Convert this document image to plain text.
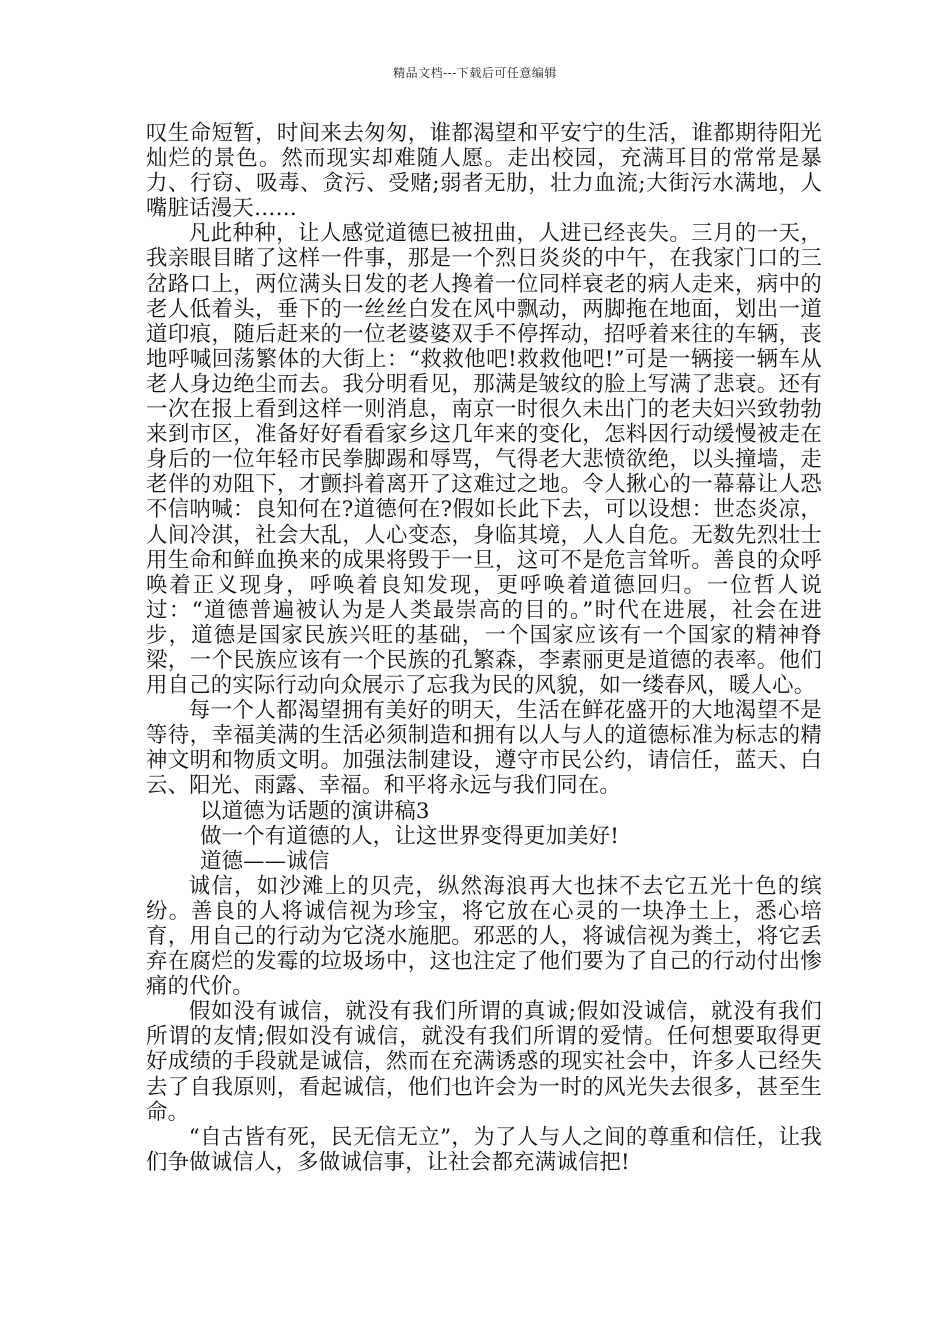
精品文档---下载后可任意编辑

叹生命短暂，时间来去匆匆，谁都渴望和平安宁的生活，谁都期待阳光灿烂的景色。然而现实却难随人愿。走出校园，充满耳目的常常是暴力、行窃、吸毒、贪污、受赌;弱者无肋，壮力血流;大街污水满地，人嘴脏话漫天……

凡此种种，让人感觉道德巳被扭曲，人进已经丧失。三月的一天，我亲眼目睹了这样一件事，那是一个烈日炎炎的中午，在我家门口的三岔路口上，两位满头日发的老人搀着一位同样衰老的病人走来，病中的老人低着头，垂下的一丝丝白发在风中飘动，两脚拖在地面，划出一道道印痕，随后赶来的一位老婆婆双手不停挥动，招呼着来往的车辆，丧地呼喊回荡繁体的大街上：“救救他吧!救救他吧!”可是一辆接一辆车从老人身边绝尘而去。我分明看见，那满是皱纹的脸上写满了悲衰。还有一次在报上看到这样一则消息，南京一时很久未出门的老夫妇兴致勃勃来到市区，准备好好看看家乡这几年来的变化，怎料因行动缓慢被走在身后的一位年轻市民拳脚踢和辱骂，气得老大悲愤欲绝，以头撞墙，走老伴的劝阻下，才颤抖着离开了这难过之地。令人揪心的一幕幕让人恐不信呐喊：良知何在?道德何在?假如长此下去，可以设想：世态炎凉，人间冷淇，社会大乱，人心变态，身临其境，人人自危。无数先烈壮士用生命和鲜血换来的成果将毁于一旦，这可不是危言耸听。善良的众呼唤着正义现身，呼唤着良知发现，更呼唤着道德回归。一位哲人说过：“道德普遍被认为是人类最崇高的目的。”时代在进展，社会在进步，道德是国家民族兴旺的基础，一个国家应该有一个国家的精神脊梁，一个民族应该有一个民族的孔繁森，李素丽更是道德的表率。他们用自己的实际行动向众展示了忘我为民的风貌，如一缕春风，暖人心。

每一个人都渴望拥有美好的明天，生活在鲜花盛开的大地渴望不是等待，幸福美满的生活必须制造和拥有以人与人的道德标准为标志的精神文明和物质文明。加强法制建设，遵守市民公约，请信任，蓝天、白云、阳光、雨露、幸福。和平将永远与我们同在。

以道德为话题的演讲稿3

做一个有道德的人，让这世界变得更加美好!

道德——诚信

诚信，如沙滩上的贝壳，纵然海浪再大也抹不去它五光十色的缤纷。善良的人将诚信视为珍宝，将它放在心灵的一块净土上，悉心培育，用自己的行动为它浇水施肥。邪恶的人，将诚信视为粪土，将它丢弃在腐烂的发霉的垃圾场中，这也注定了他们要为了自己的行动付出惨痛的代价。

假如没有诚信，就没有我们所谓的真诚;假如没诚信，就没有我们所谓的友情;假如没有诚信，就没有我们所谓的爱情。任何想要取得更好成绩的手段就是诚信，然而在充满诱惑的现实社会中，许多人已经失去了自我原则，看起诚信，他们也许会为一时的风光失去很多，甚至生命。

“自古皆有死，民无信无立”，为了人与人之间的尊重和信任，让我们争做诚信人，多做诚信事，让社会都充满诚信把!
